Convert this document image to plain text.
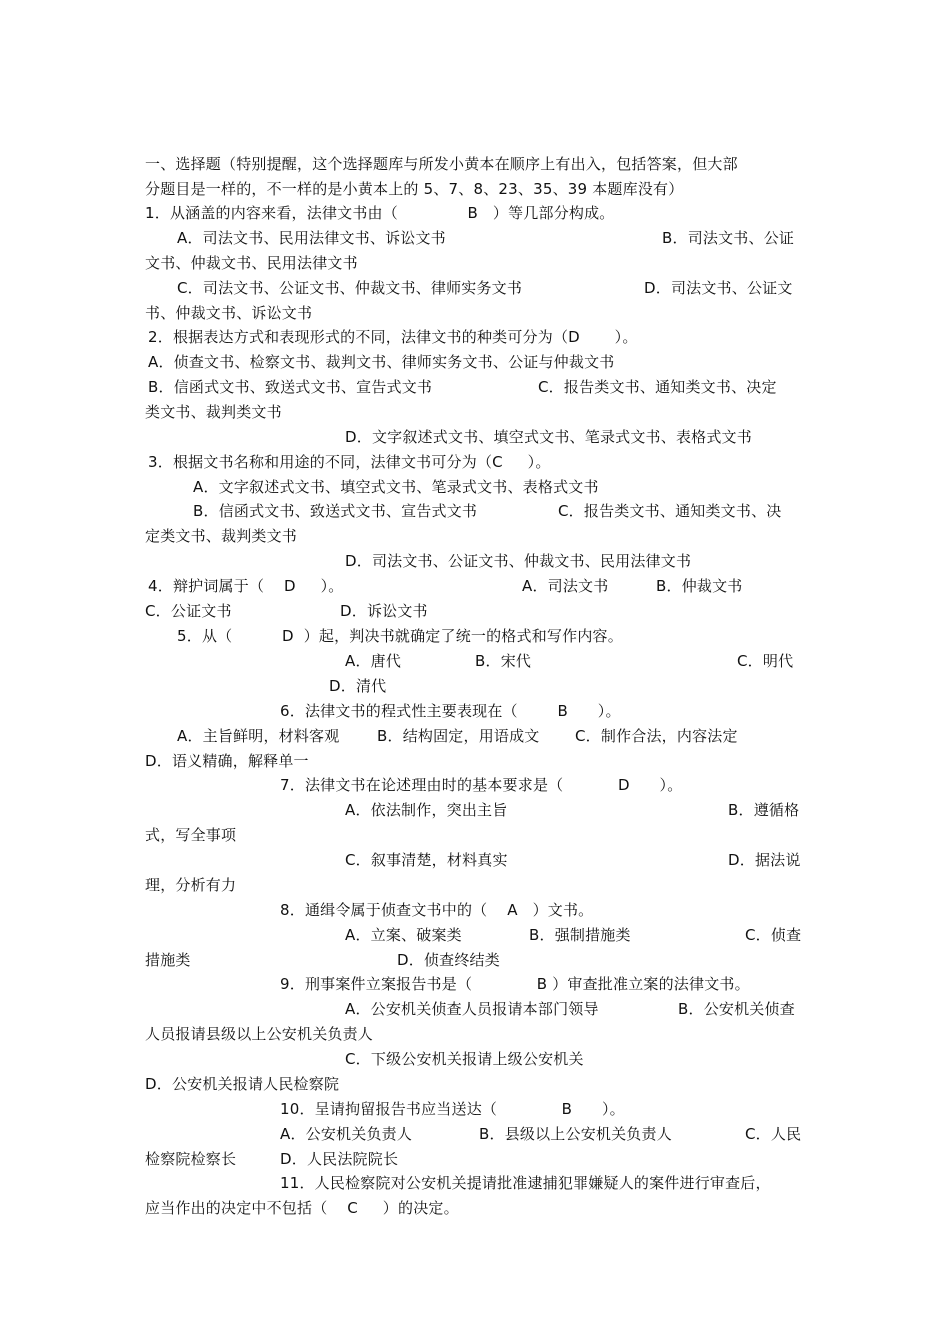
一、选择题（特别提醒，这个选择题库与所发小黄本在顺序上有出入，包括答案，但大部

分题目是一样的，不一样的是小黄本上的 5、7、8、23、35、39 本题库没有）

1．从涵盖的内容来看，法律文书由（              B   ）等几部分构成。

A．司法文书、民用法律文书、诉讼文书	B．司法文书、公证

文书、仲裁文书、民用法律文书

C．司法文书、公证文书、仲裁文书、律师实务文书	D．司法文书、公证文

书、仲裁文书、诉讼文书

2．根据表达方式和表现形式的不同，法律文书的种类可分为（D       ）。

A．侦查文书、检察文书、裁判文书、律师实务文书、公证与仲裁文书

B．信函式文书、致送式文书、宣告式文书	C．报告类文书、通知类文书、决定

类文书、裁判类文书

D．文字叙述式文书、填空式文书、笔录式文书、表格式文书

3．根据文书名称和用途的不同，法律文书可分为（C     ）。

A．文字叙述式文书、填空式文书、笔录式文书、表格式文书

B．信函式文书、致送式文书、宣告式文书	C．报告类文书、通知类文书、决

定类文书、裁判类文书

D．司法文书、公证文书、仲裁文书、民用法律文书

4．辩护词属于（    D     ）。	A．司法文书	B．仲裁文书

C．公证文书	D．诉讼文书

5．从（          D  ）起，判决书就确定了统一的格式和写作内容。

A．唐代	B．宋代	C．明代

D．清代

6．法律文书的程式性主要表现在（        B      ）。

A．主旨鲜明，材料客观	B．结构固定，用语成文 C．制作合法，内容法定

D．语义精确，解释单一

7．法律文书在论述理由时的基本要求是（           D      ）。

A．依法制作，突出主旨	B．遵循格

式，写全事项

C．叙事清楚，材料真实	D．据法说

理，分析有力

8．通缉令属于侦查文书中的（    A   ）文书。

A．立案、破案类	B．强制措施类	C．侦查

措施类	D．侦查终结类

9．刑事案件立案报告书是（             B ）审查批准立案的法律文书。

A．公安机关侦查人员报请本部门领导	B．公安机关侦查

人员报请县级以上公安机关负责人

C．下级公安机关报请上级公安机关

D．公安机关报请人民检察院

10．呈请拘留报告书应当送达（             B      ）。

A．公安机关负责人	B．县级以上公安机关负责人	C．人民

检察院检察长	D．人民法院院长

11．人民检察院对公安机关提请批准逮捕犯罪嫌疑人的案件进行审查后，

应当作出的决定中不包括（    C     ）的决定。
